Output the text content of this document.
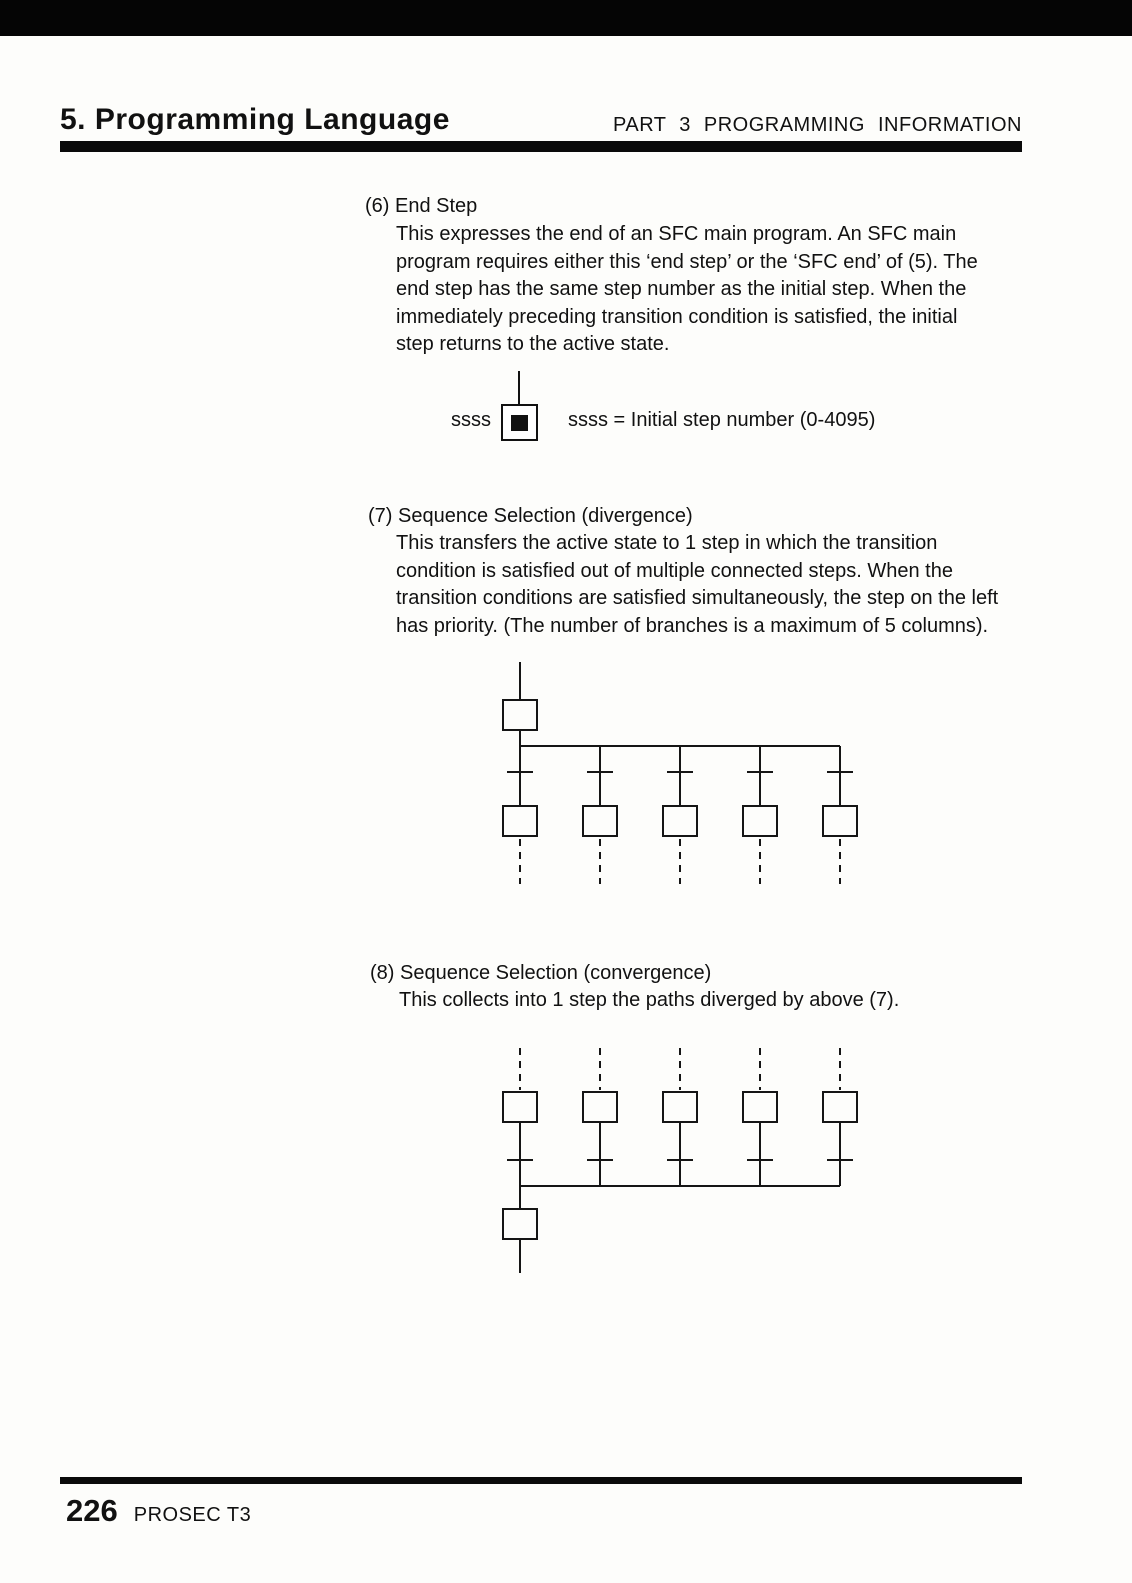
5. Programming Language	PART 3 PROGRAMMING INFORMATION
(6) End Step
This expresses the end of an SFC main program. An SFC main
program requires either this ‘end step’ or the ‘SFC end’ of (5). The
end step has the same step number as the initial step. When the
immediately preceding transition condition is satisfied, the initial
step returns to the active state.
ssss	ssss = Initial step number (0-4095)
(7) Sequence Selection (divergence)
This transfers the active state to 1 step in which the transition
condition is satisfied out of multiple connected steps. When the
transition conditions are satisfied simultaneously, the step on the left
has priority. (The number of branches is a maximum of 5 columns).
(8) Sequence Selection (convergence)
This collects into 1 step the paths diverged by above (7).
226 PROSEC T3
